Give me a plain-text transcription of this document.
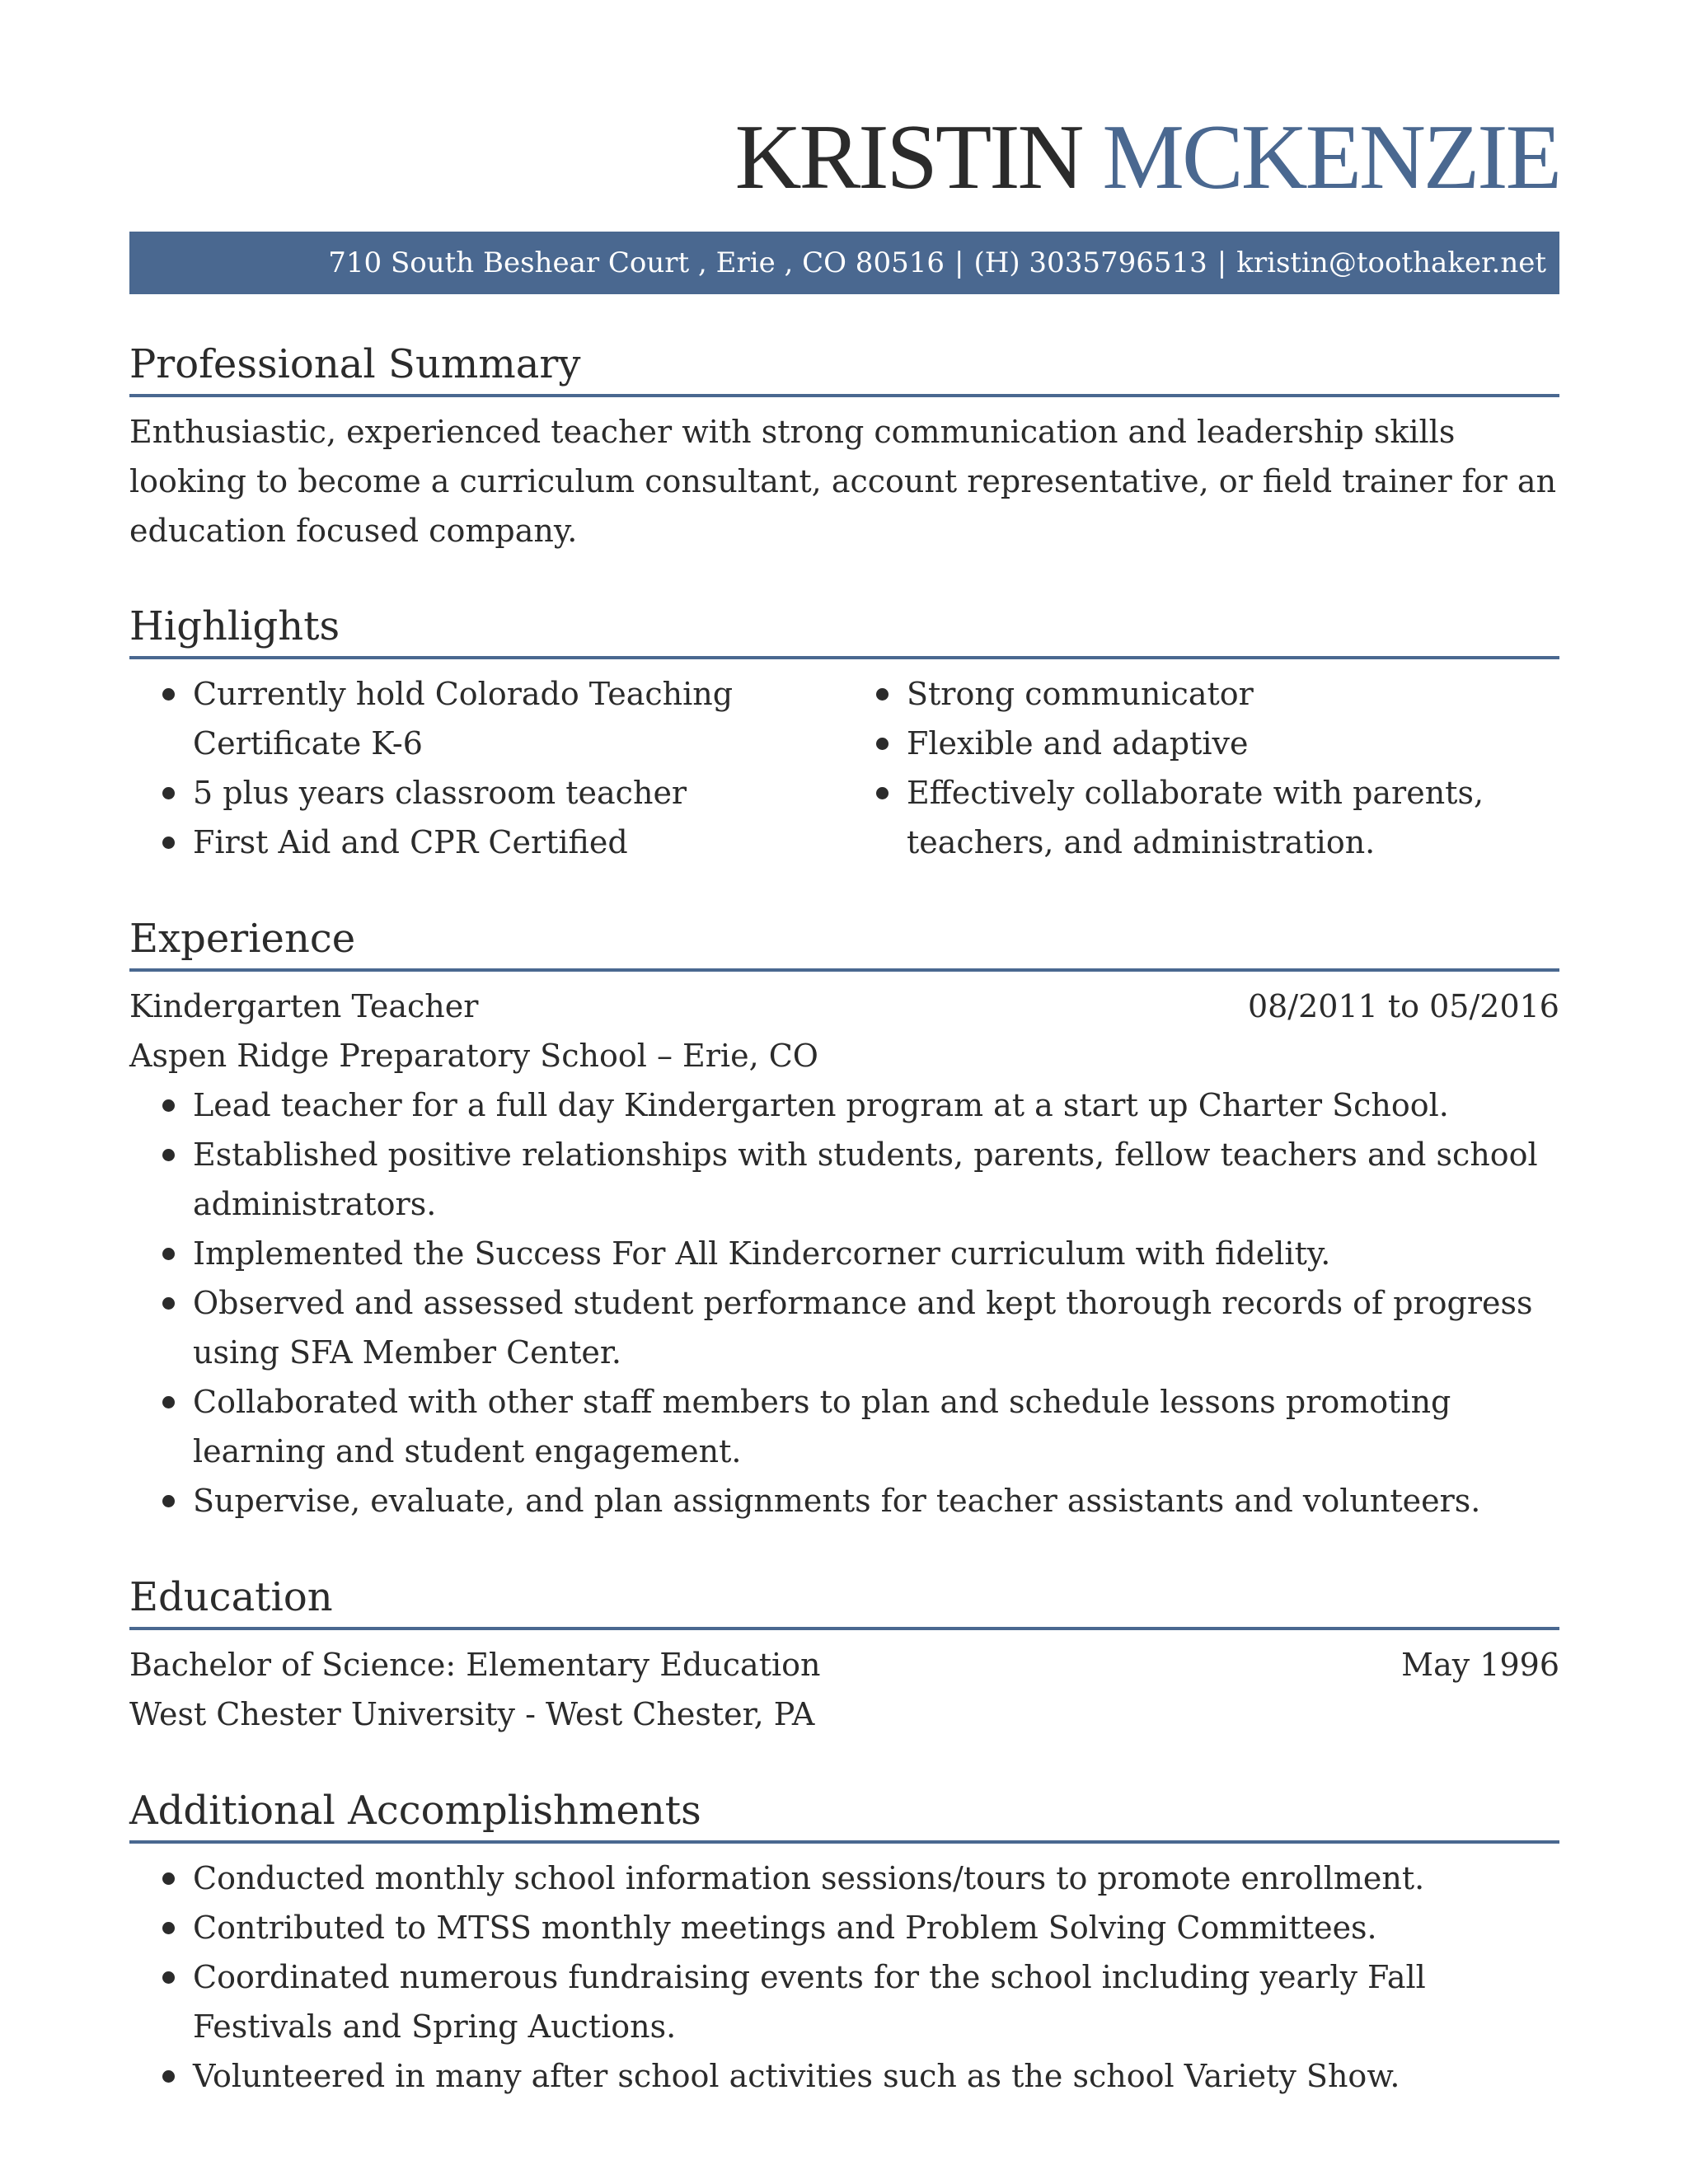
KRISTIN MCKENZIE
710 South Beshear Court , Erie , CO 80516 | (H) 3035796513 | kristin@toothaker.net
Professional Summary
Enthusiastic, experienced teacher with strong communication and leadership skills looking to become a curriculum consultant, account representative, or field trainer for an education focused company.
Highlights
Currently hold Colorado Teaching Certificate K-6
5 plus years classroom teacher
First Aid and CPR Certified
Strong communicator
Flexible and adaptive
Effectively collaborate with parents, teachers, and administration.
Experience
Kindergarten Teacher	08/2011 to 05/2016
Aspen Ridge Preparatory School – Erie, CO
Lead teacher for a full day Kindergarten program at a start up Charter School.
Established positive relationships with students, parents, fellow teachers and school administrators.
Implemented the Success For All Kindercorner curriculum with fidelity.
Observed and assessed student performance and kept thorough records of progress using SFA Member Center.
Collaborated with other staff members to plan and schedule lessons promoting learning and student engagement.
Supervise, evaluate, and plan assignments for teacher assistants and volunteers.
Education
Bachelor of Science: Elementary Education	May 1996
West Chester University - West Chester, PA
Additional Accomplishments
Conducted monthly school information sessions/tours to promote enrollment.
Contributed to MTSS monthly meetings and Problem Solving Committees.
Coordinated numerous fundraising events for the school including yearly Fall Festivals and Spring Auctions.
Volunteered in many after school activities such as the school Variety Show.
